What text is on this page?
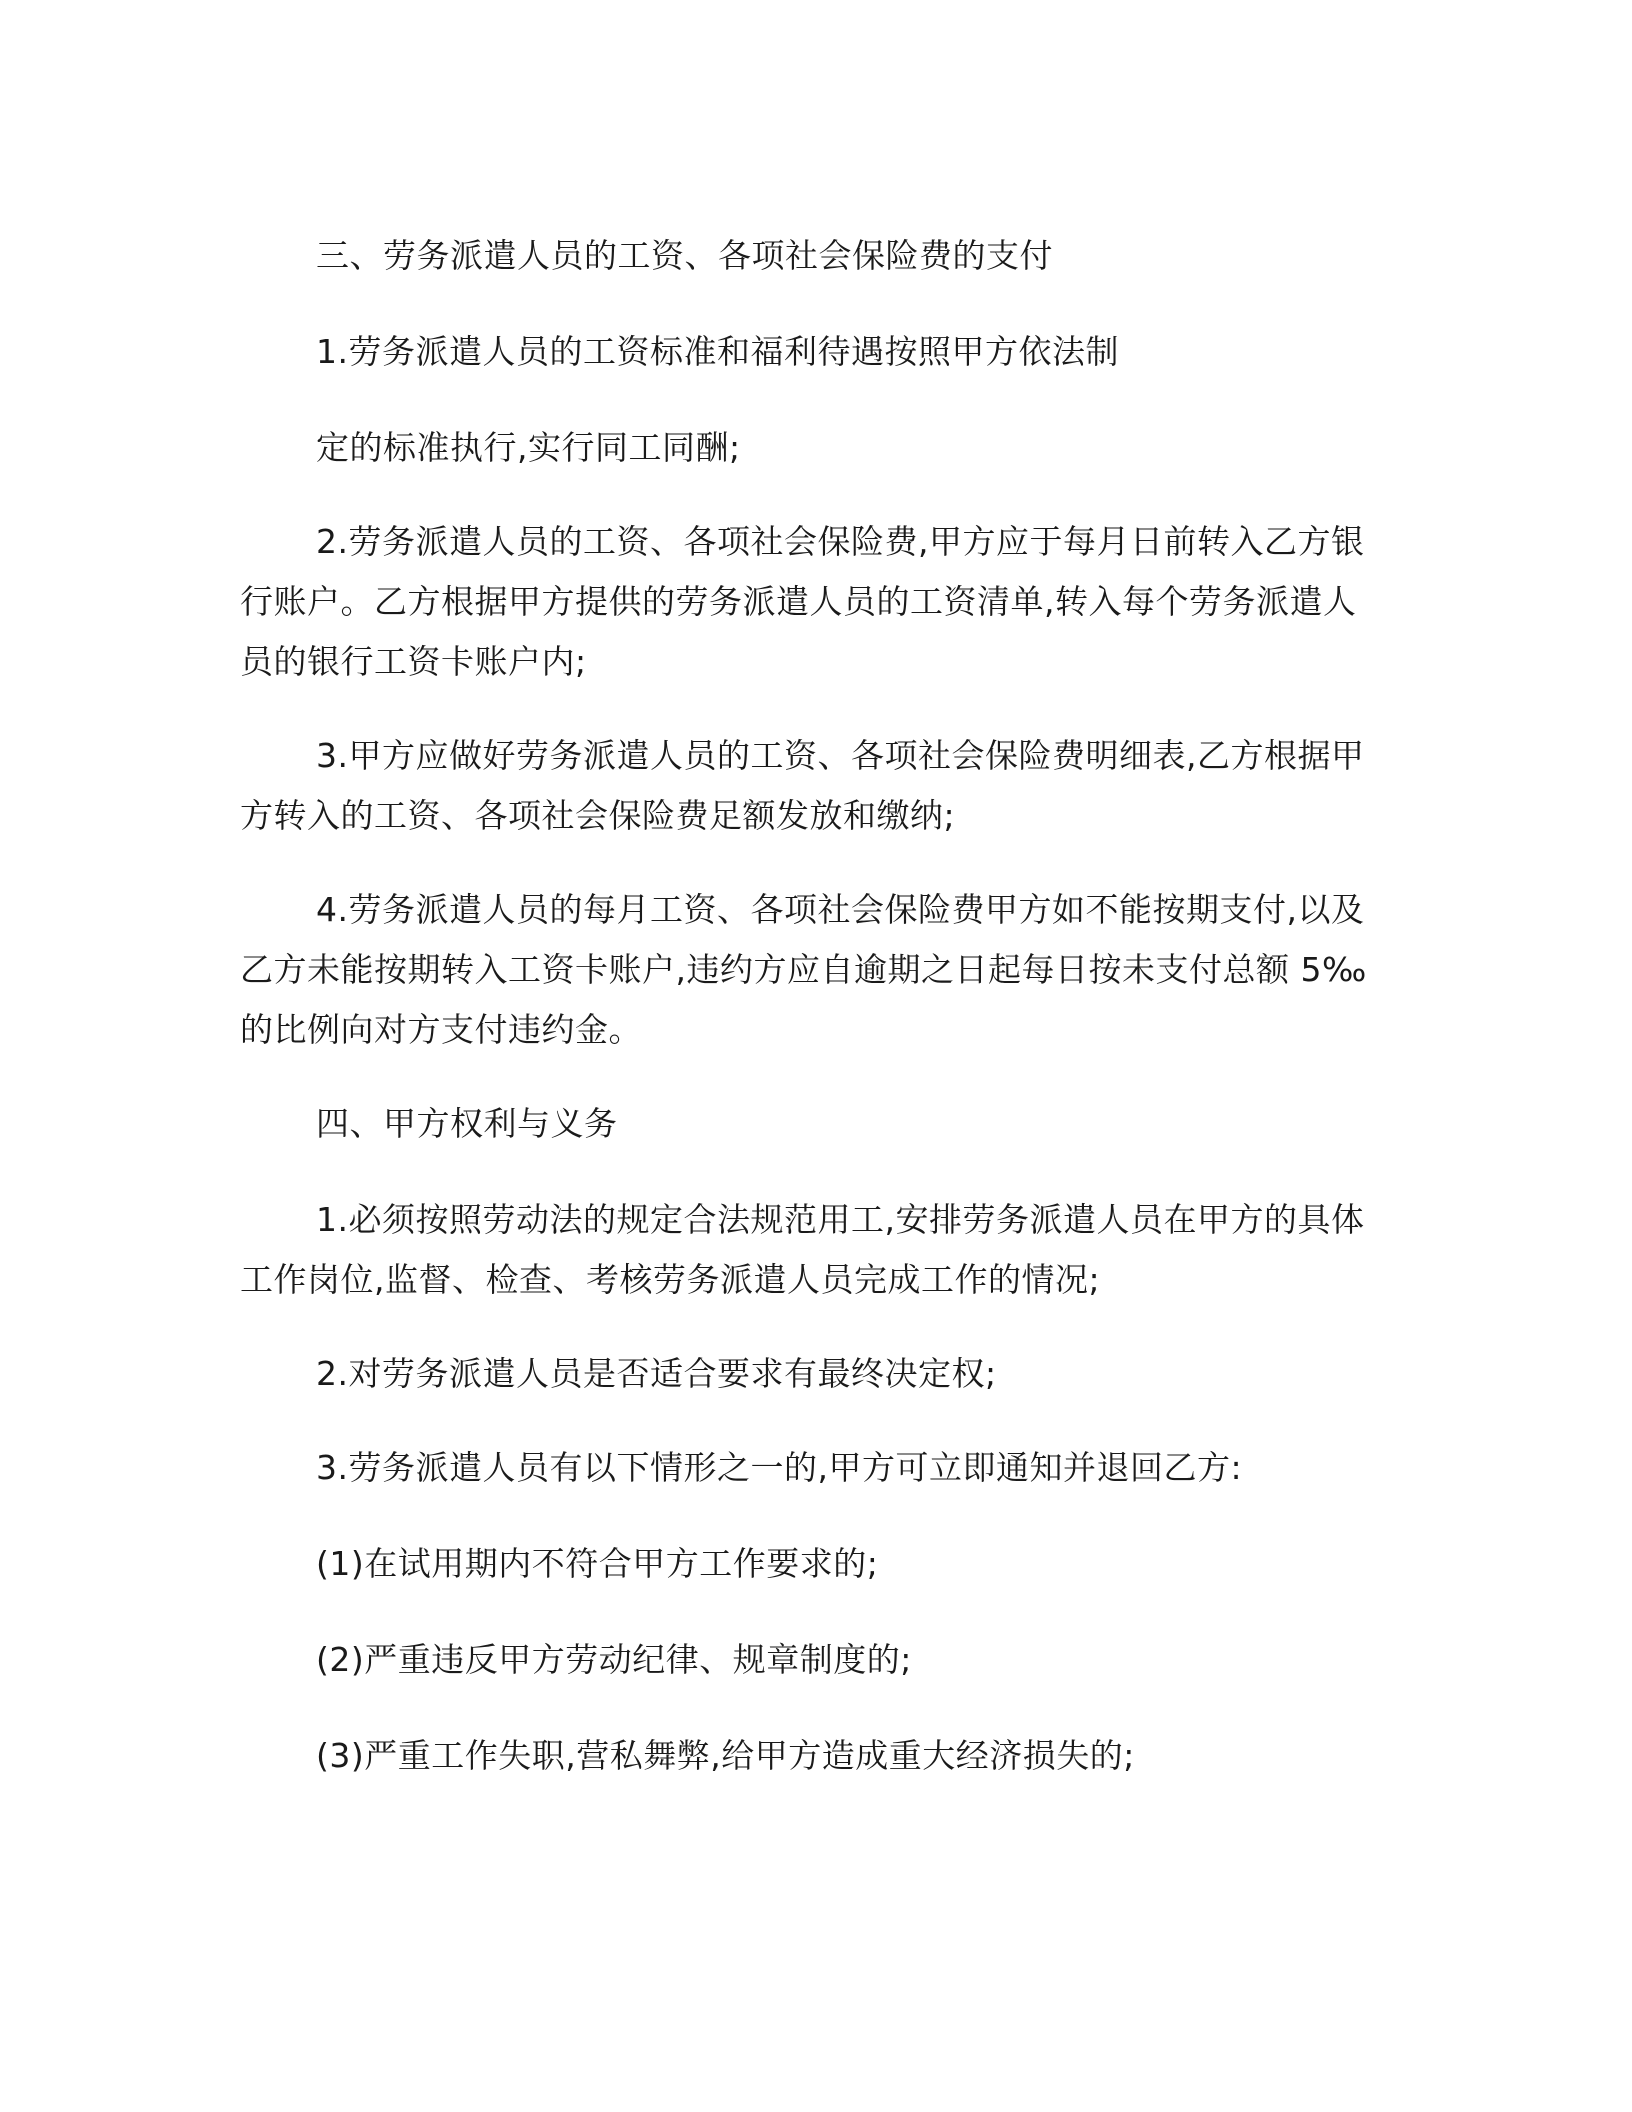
三、劳务派遣人员的工资、各项社会保险费的支付

1.劳务派遣人员的工资标准和福利待遇按照甲方依法制

定的标准执行,实行同工同酬;

2.劳务派遣人员的工资、各项社会保险费,甲方应于每月日前转入乙方银行账户。乙方根据甲方提供的劳务派遣人员的工资清单,转入每个劳务派遣人员的银行工资卡账户内;

3.甲方应做好劳务派遣人员的工资、各项社会保险费明细表,乙方根据甲方转入的工资、各项社会保险费足额发放和缴纳;

4.劳务派遣人员的每月工资、各项社会保险费甲方如不能按期支付,以及乙方未能按期转入工资卡账户,违约方应自逾期之日起每日按未支付总额 5‰的比例向对方支付违约金。

四、甲方权利与义务

1.必须按照劳动法的规定合法规范用工,安排劳务派遣人员在甲方的具体工作岗位,监督、检查、考核劳务派遣人员完成工作的情况;

2.对劳务派遣人员是否适合要求有最终决定权;

3.劳务派遣人员有以下情形之一的,甲方可立即通知并退回乙方:

(1)在试用期内不符合甲方工作要求的;

(2)严重违反甲方劳动纪律、规章制度的;

(3)严重工作失职,营私舞弊,给甲方造成重大经济损失的;
